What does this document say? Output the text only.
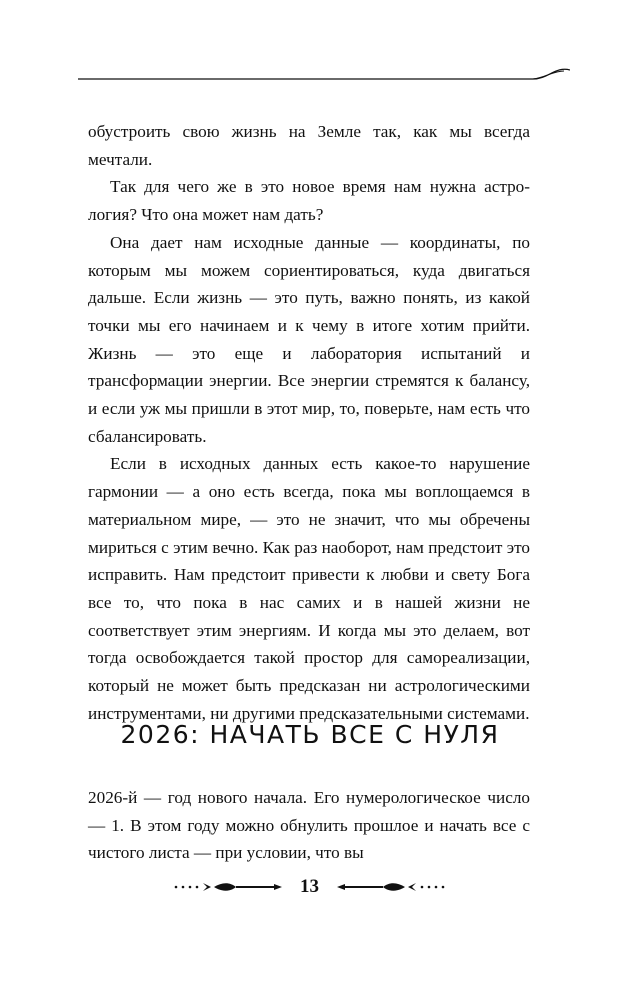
обустроить свою жизнь на Земле так, как мы всегда мечтали.

Так для чего же в это новое время нам нужна астрология? Что она может нам дать?

Она дает нам исходные данные — координаты, по которым мы можем сориентироваться, куда двигаться дальше. Если жизнь — это путь, важно понять, из какой точки мы его начинаем и к чему в итоге хотим прийти. Жизнь — это еще и лаборатория испытаний и трансформации энергии. Все энергии стремятся к балансу, и если уж мы пришли в этот мир, то, поверьте, нам есть что сбалансировать.

Если в исходных данных есть какое-то нарушение гармонии — а оно есть всегда, пока мы воплощаемся в материальном мире, — это не значит, что мы обречены мириться с этим вечно. Как раз наоборот, нам предстоит это исправить. Нам предстоит привести к любви и свету Бога все то, что пока в нас самих и в нашей жизни не соответствует этим энергиям. И когда мы это делаем, вот тогда освобождается такой простор для самореализации, который не может быть предсказан ни астрологическими инструментами, ни другими предсказательными системами.

2026: НАЧАТЬ ВСЕ С НУЛЯ

2026-й — год нового начала. Его нумерологическое число — 1. В этом году можно обнулить прошлое и начать все с чистого листа — при условии, что вы

13
